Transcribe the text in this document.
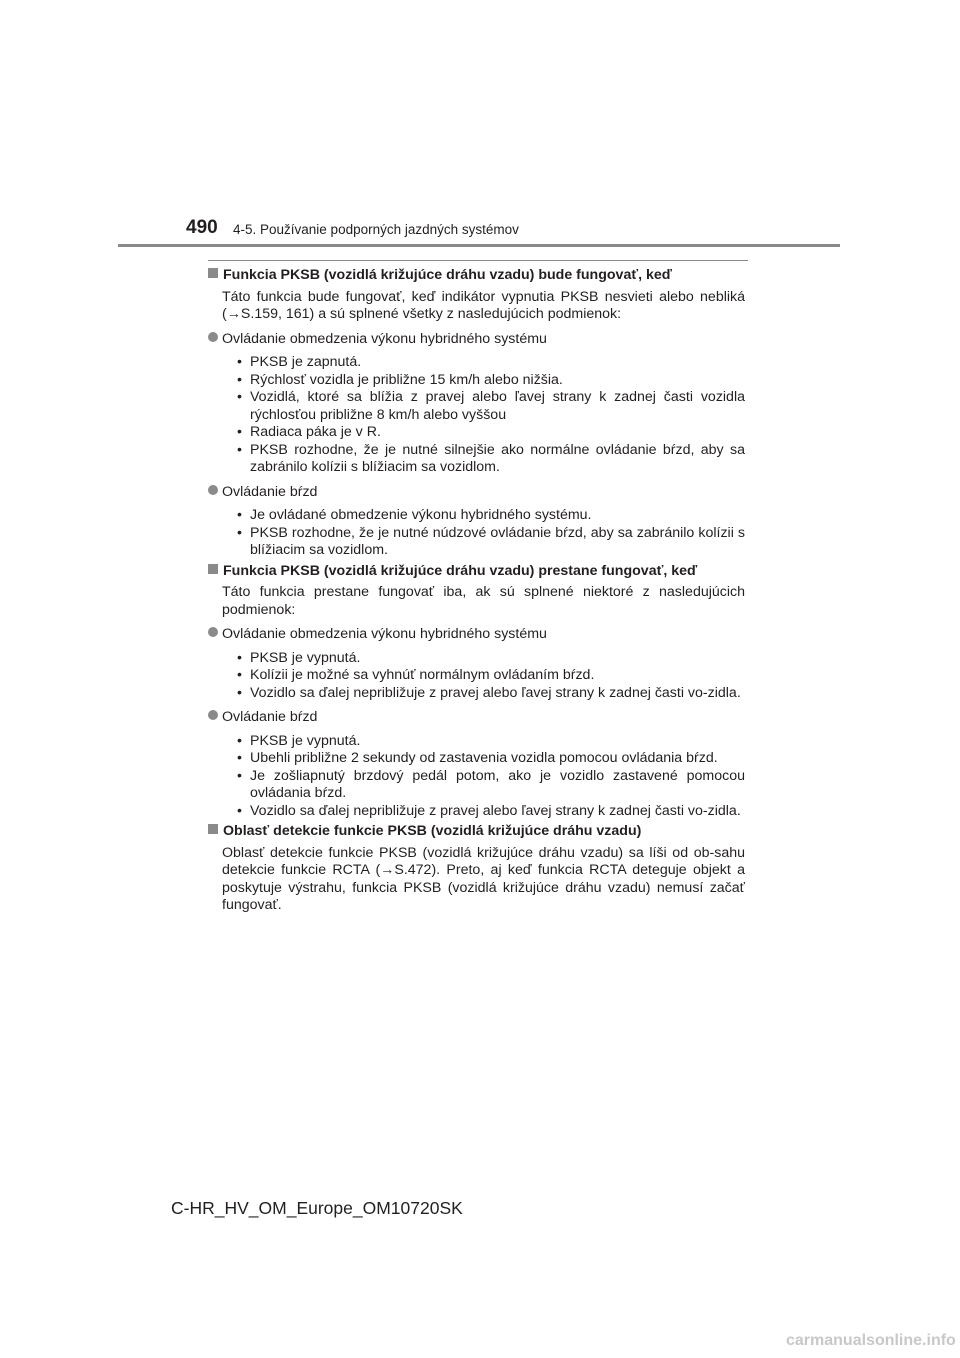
490 4-5. Používanie podporných jazdných systémov
Funkcia PKSB (vozidlá križujúce dráhu vzadu) bude fungovať, keď
Táto funkcia bude fungovať, keď indikátor vypnutia PKSB nesvieti alebo nebliká (→S.159, 161) a sú splnené všetky z nasledujúcich podmienok:
Ovládanie obmedzenia výkonu hybridného systému
• PKSB je zapnutá.
• Rýchlosť vozidla je približne 15 km/h alebo nižšia.
• Vozidlá, ktoré sa blížia z pravej alebo ľavej strany k zadnej časti vozidla rýchlosťou približne 8 km/h alebo vyššou
• Radiaca páka je v R.
• PKSB rozhodne, že je nutné silnejšie ako normálne ovládanie bŕzd, aby sa zabránilo kolízii s blížiacim sa vozidlom.
Ovládanie bŕzd
• Je ovládané obmedzenie výkonu hybridného systému.
• PKSB rozhodne, že je nutné núdzové ovládanie bŕzd, aby sa zabránilo kolízii s blížiacim sa vozidlom.
Funkcia PKSB (vozidlá križujúce dráhu vzadu) prestane fungovať, keď
Táto funkcia prestane fungovať iba, ak sú splnené niektoré z nasledujúcich podmienok:
Ovládanie obmedzenia výkonu hybridného systému
• PKSB je vypnutá.
• Kolízii je možné sa vyhnúť normálnym ovládaním bŕzd.
• Vozidlo sa ďalej nepribližuje z pravej alebo ľavej strany k zadnej časti vo-zidla.
Ovládanie bŕzd
• PKSB je vypnutá.
• Ubehli približne 2 sekundy od zastavenia vozidla pomocou ovládania bŕzd.
• Je zošliapnutý brzdový pedál potom, ako je vozidlo zastavené pomocou ovládania bŕzd.
• Vozidlo sa ďalej nepribližuje z pravej alebo ľavej strany k zadnej časti vo-zidla.
Oblasť detekcie funkcie PKSB (vozidlá križujúce dráhu vzadu)
Oblasť detekcie funkcie PKSB (vozidlá križujúce dráhu vzadu) sa líši od ob-sahu detekcie funkcie RCTA (→S.472). Preto, aj keď funkcia RCTA deteguje objekt a poskytuje výstrahu, funkcia PKSB (vozidlá križujúce dráhu vzadu) nemusí začať fungovať.
C-HR_HV_OM_Europe_OM10720SK
carmanualsonline.info
